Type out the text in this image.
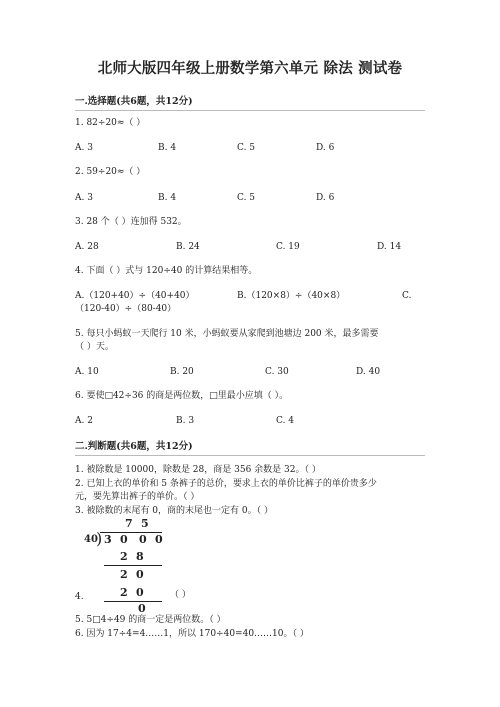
北师大版四年级上册数学第六单元 除法 测试卷
一.选择题(共6题，共12分)
1. 82÷20≈（ ）
A. 3	B. 4	C. 5	D. 6
2. 59÷20≈（ ）
A. 3	B. 4	C. 5	D. 6
3. 28 个（ ）连加得 532。
A. 28	B. 24	C. 19	D. 14
4. 下面（ ）式与 120÷40 的计算结果相等。
A.（120+40）÷（40+40）	B.（120×8）÷（40×8）	C.
（120-40）÷（80-40）
5. 每只小蚂蚁一天爬行 10 米，小蚂蚁要从家爬到池塘边 200 米，最多需要
（ ）天。
A. 10	B. 20	C. 30	D. 40
6. 要使□42÷36 的商是两位数，□里最小应填（ ）。
A. 2	B. 3	C. 4
二.判断题(共6题，共12分)
1. 被除数是 10000，除数是 28，商是 356 余数是 32。（ ）
2. 已知上衣的单价和 5 条裤子的总价，要求上衣的单价比裤子的单价贵多少
元，要先算出裤子的单价。（ ）
3. 被除数的末尾有 0，商的末尾也一定有 0。（ ）
7 5
40
) 3 0 0 0
2 8
2 0
2 0
0
4.	（ ）
5. 5□4÷49 的商一定是两位数。（ ）
6. 因为 17÷4=4……1，所以 170÷40=40……10。（ ）
